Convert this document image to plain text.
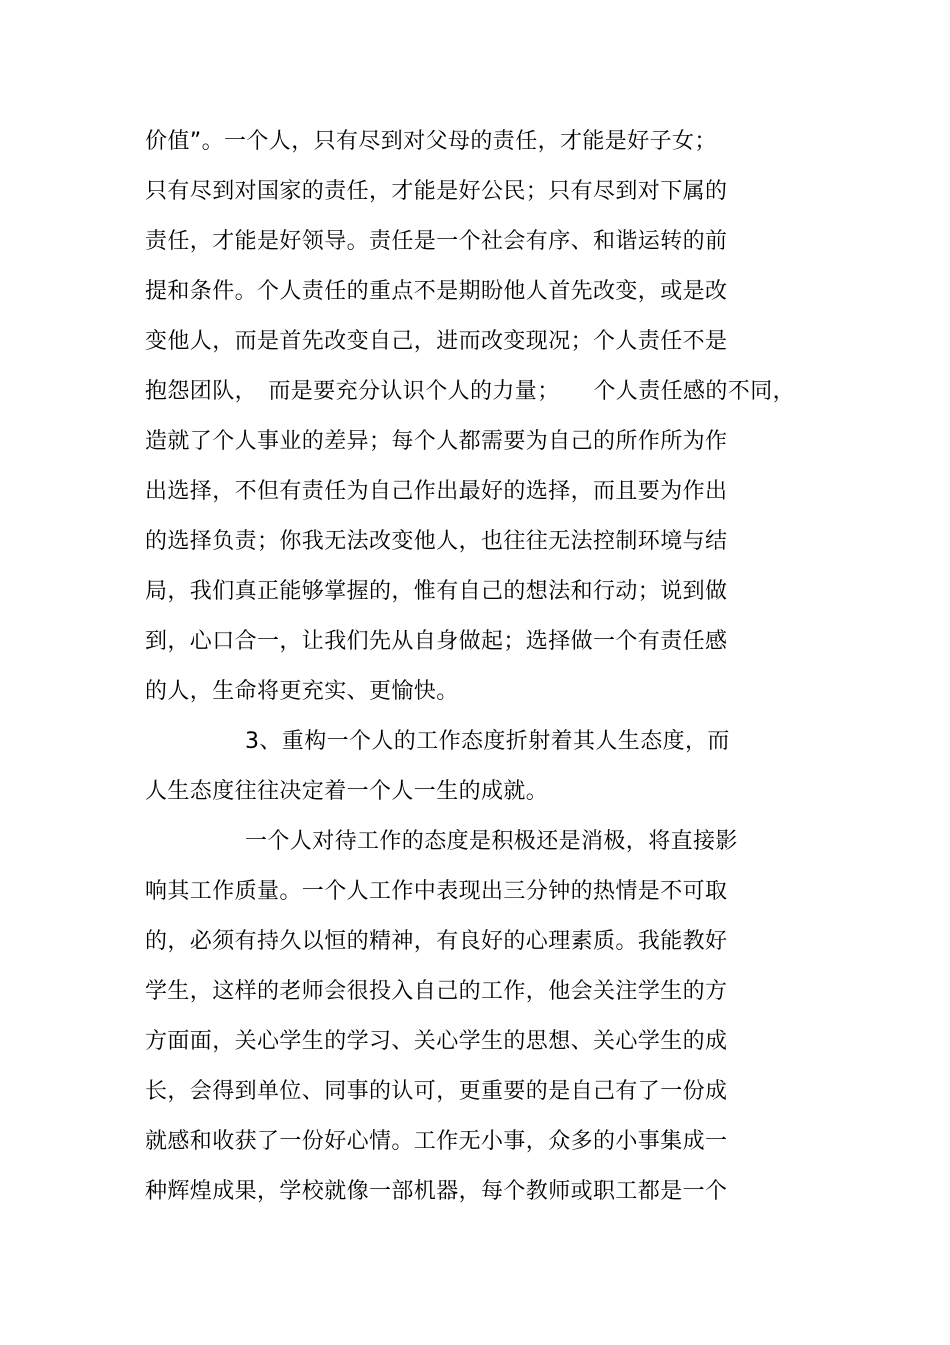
价值”。一个人，只有尽到对父母的责任，才能是好子女；
只有尽到对国家的责任，才能是好公民；只有尽到对下属的
责任，才能是好领导。责任是一个社会有序、和谐运转的前
提和条件。个人责任的重点不是期盼他人首先改变，或是改
变他人，而是首先改变自己，进而改变现况；个人责任不是
抱怨团队，　而是要充分认识个人的力量；　　个人责任感的不同，
造就了个人事业的差异；每个人都需要为自己的所作所为作
出选择，不但有责任为自己作出最好的选择，而且要为作出
的选择负责；你我无法改变他人，也往往无法控制环境与结
局，我们真正能够掌握的，惟有自己的想法和行动；说到做
到，心口合一，让我们先从自身做起；选择做一个有责任感
的人，生命将更充实、更愉快。
3、重构一个人的工作态度折射着其人生态度，而
人生态度往往决定着一个人一生的成就。
一个人对待工作的态度是积极还是消极，将直接影
响其工作质量。一个人工作中表现出三分钟的热情是不可取
的，必须有持久以恒的精神，有良好的心理素质。我能教好
学生，这样的老师会很投入自己的工作，他会关注学生的方
方面面，关心学生的学习、关心学生的思想、关心学生的成
长，会得到单位、同事的认可，更重要的是自己有了一份成
就感和收获了一份好心情。工作无小事，众多的小事集成一
种辉煌成果，学校就像一部机器，每个教师或职工都是一个
